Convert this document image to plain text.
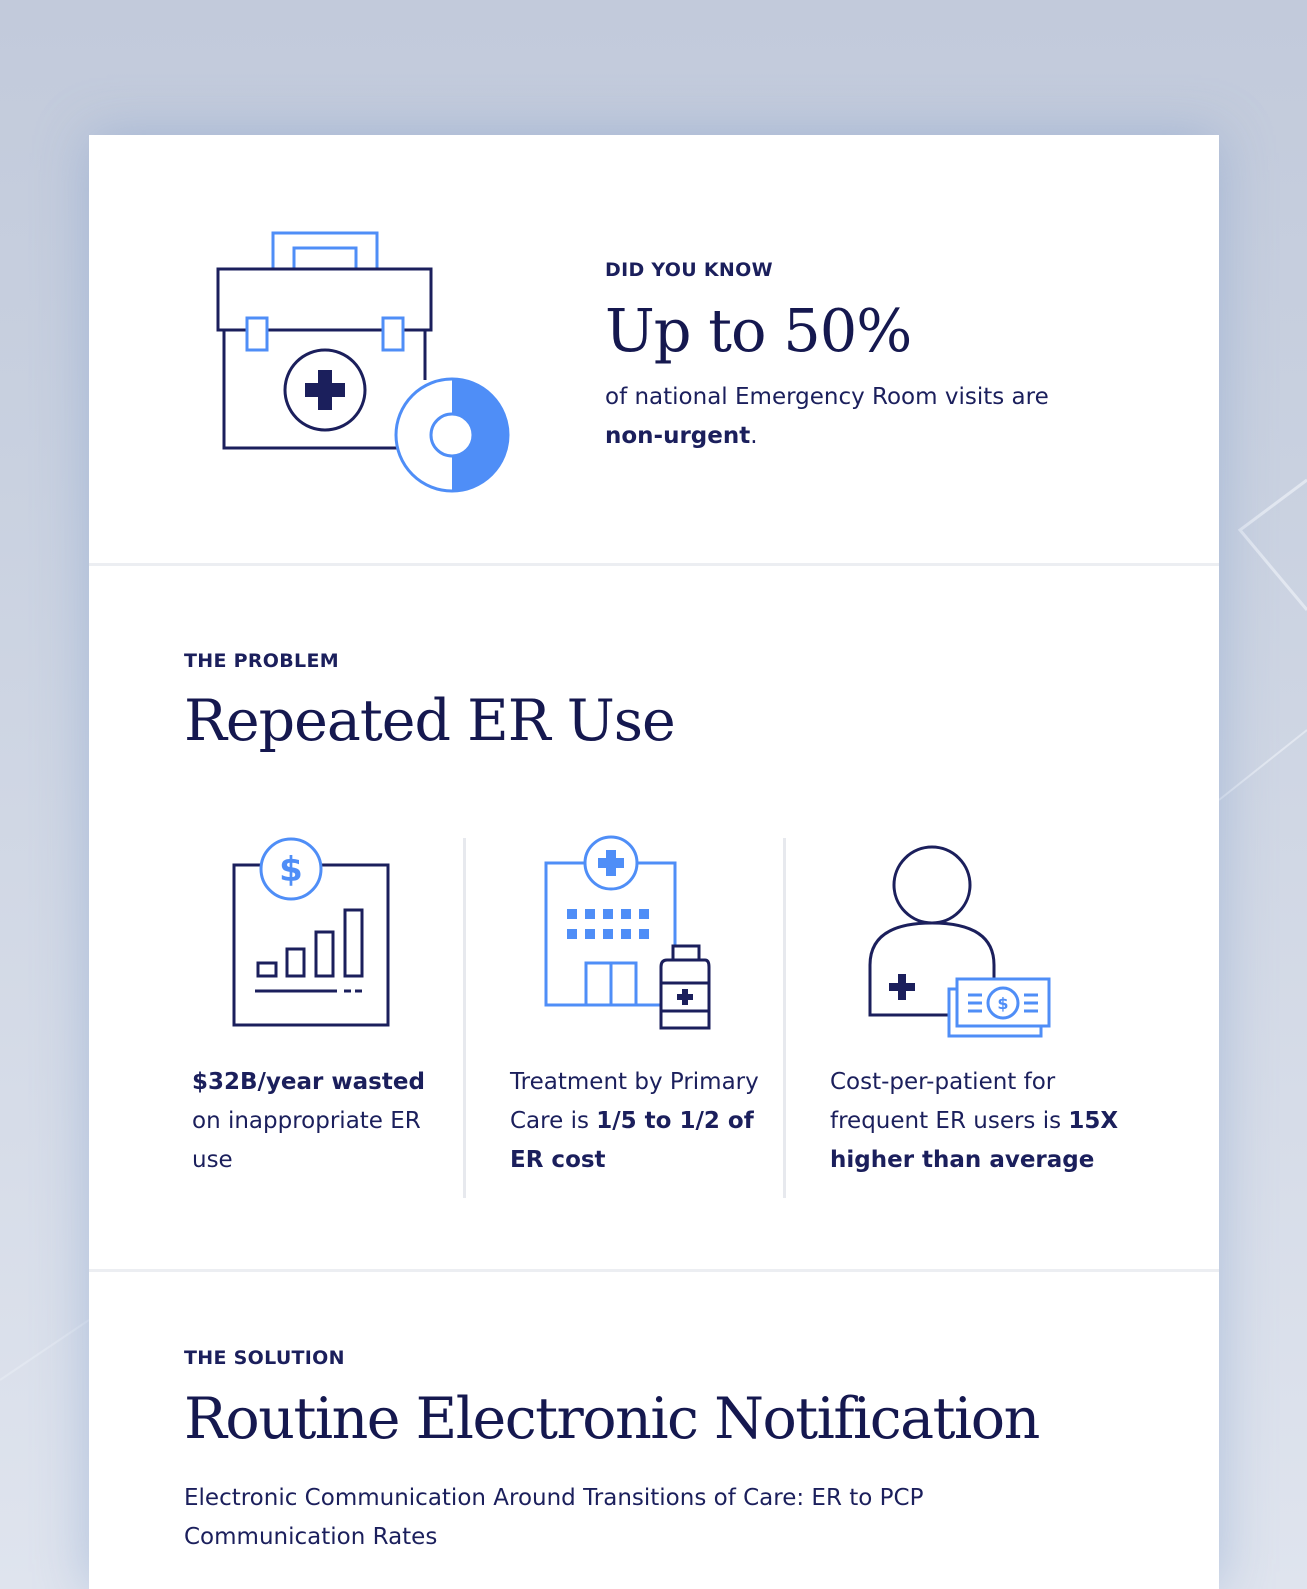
DID YOU KNOW

Up to 50%

of national Emergency Room visits are
non-urgent.

THE PROBLEM

Repeated ER Use
$

$32B/year wasted
on inappropriate ER use

Treatment by Primary Care is 1/5 to 1/2 of ER cost

$

Cost-per-patient for frequent ER users is 15X higher than average

THE SOLUTION

Routine Electronic Notification

Electronic Communication Around Transitions of Care: ER to PCP Communication Rates
